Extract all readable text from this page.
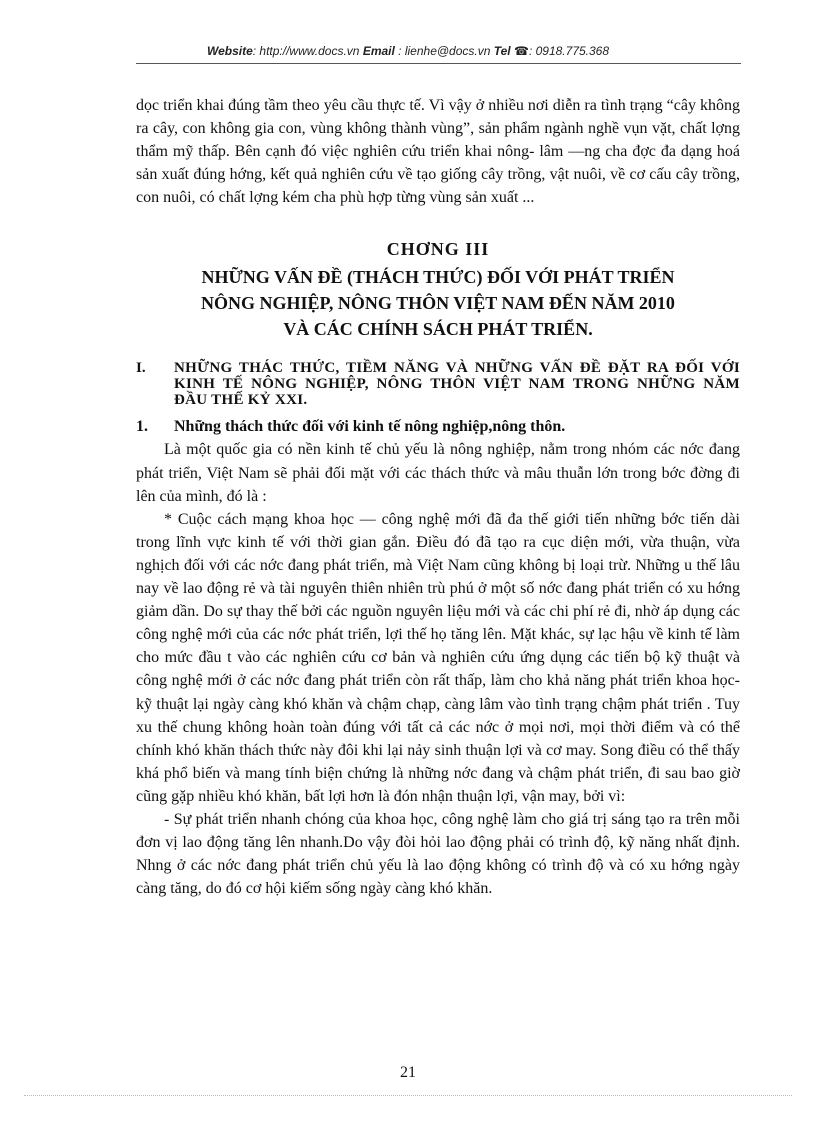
Website: http://www.docs.vn Email : lienhe@docs.vn Tel ☎: 0918.775.368

dọc triển khai đúng tầm theo yêu cầu thực tế. Vì vậy ở nhiều nơi diễn ra tình trạng “cây không ra cây, con không gia con, vùng không thành vùng”, sản phẩm ngành nghề vụn vặt, chất lợng thẩm mỹ thấp. Bên cạnh đó việc nghiên cứu triển khai nông- lâm —ng cha đợc đa dạng hoá sản xuất đúng hớng, kết quả nghiên cứu về tạo giống cây trồng, vật nuôi, về cơ cấu cây trồng, con nuôi, có chất lợng kém cha phù hợp từng vùng sản xuất ...

CHƠNG III
NHỮNG VẤN ĐỀ (THÁCH THỨC) ĐỐI VỚI PHÁT TRIỂN
NÔNG NGHIỆP, NÔNG THÔN VIỆT NAM ĐẾN NĂM 2010
VÀ CÁC CHÍNH SÁCH PHÁT TRIỂN.
I.	NHỮNG THÁC THỨC, TIỀM NĂNG VÀ NHỮNG VẤN ĐỀ ĐẶT RA ĐỐI VỚI KINH TẾ NÔNG NGHIỆP, NÔNG THÔN VIỆT NAM TRONG NHỮNG NĂM ĐẦU THẾ KỶ XXI.
1.	Những thách thức đối với kinh tế nông nghiệp,nông thôn.

Là một quốc gia có nền kinh tế chủ yếu là nông nghiệp, nằm trong nhóm các nớc đang phát triển, Việt Nam sẽ phải đối mặt với các thách thức và mâu thuẫn lớn trong bớc đờng đi lên của mình, đó là :

* Cuộc cách mạng khoa học — công nghệ mới đã đa thế giới tiến những bớc tiến dài trong lĩnh vực kinh tế với thời gian gắn. Điều đó đã tạo ra cục diện mới, vừa thuận, vừa nghịch đối với các nớc đang phát triển, mà Việt Nam cũng không bị loại trừ. Những u thế lâu nay về lao động rẻ và tài nguyên thiên nhiên trù phú ở một số nớc đang phát triển có xu hớng giảm dần. Do sự thay thế bởi các nguồn nguyên liệu mới và các chi phí rẻ đi, nhờ áp dụng các công nghệ mới của các nớc phát triển, lợi thế họ tăng lên. Mặt khác, sự lạc hậu về kinh tế làm cho mức đầu t vào các nghiên cứu cơ bản và nghiên cứu ứng dụng các tiến bộ kỹ thuật và công nghệ mới ở các nớc đang phát triển còn rất thấp, làm cho khả năng phát triển khoa học- kỹ thuật lại ngày càng khó khăn và chậm chạp, càng lâm vào tình trạng chậm phát triển . Tuy xu thế chung không hoàn toàn đúng với tất cả các nớc ở mọi nơi, mọi thời điểm và có thể chính khó khăn thách thức này đôi khi lại nảy sinh thuận lợi và cơ may. Song điều có thể thấy khá phổ biến và mang tính biện chứng là những nớc đang và chậm phát triển, đi sau bao giờ cũng gặp nhiều khó khăn, bất lợi hơn là đón nhận thuận lợi, vận may, bởi vì:

- Sự phát triển nhanh chóng của khoa học, công nghệ làm cho giá trị sáng tạo ra trên mỗi đơn vị lao động tăng lên nhanh.Do vậy đòi hỏi lao động phải có trình độ, kỹ năng nhất định. Nhng ở các nớc đang phát triển chủ yếu là lao động không có trình độ và có xu hớng ngày càng tăng, do đó cơ hội kiếm sống ngày càng khó khăn.

21
